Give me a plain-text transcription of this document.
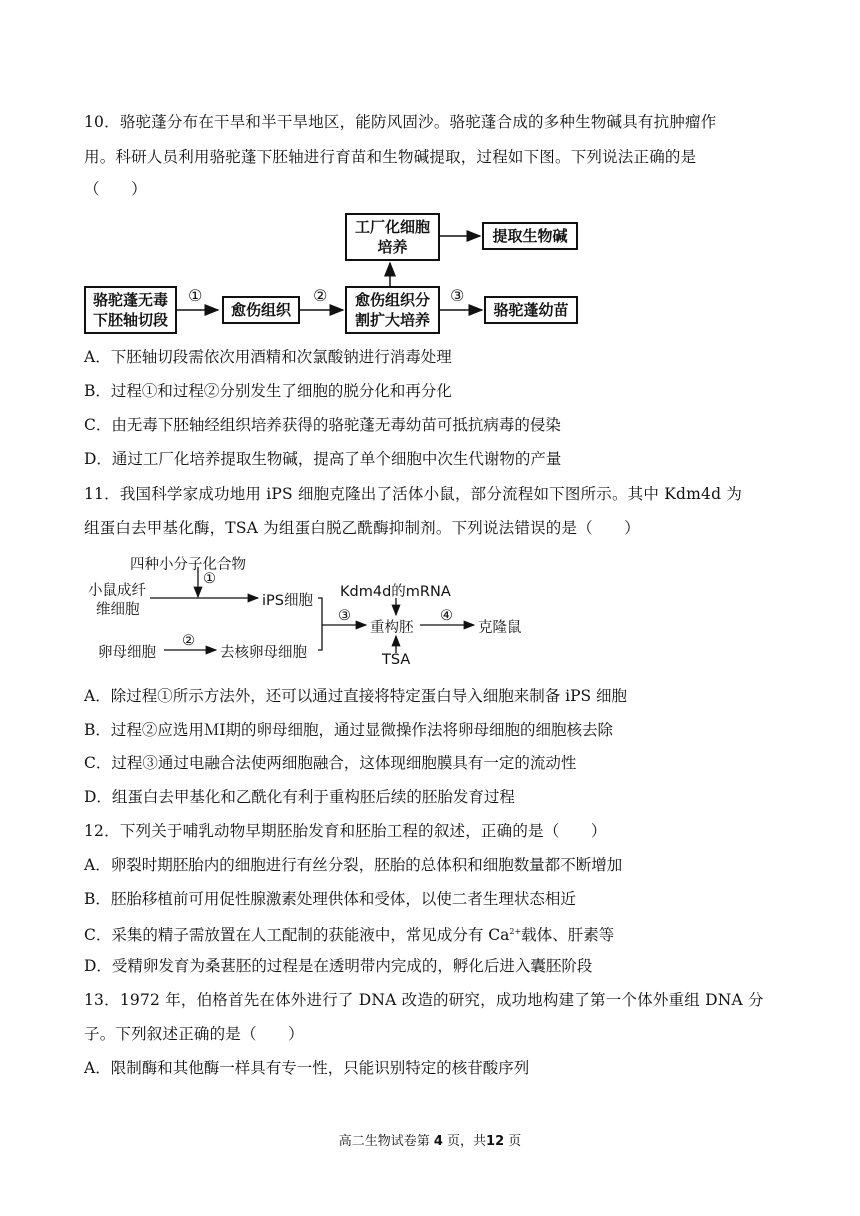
10．骆驼蓬分布在干旱和半干旱地区，能防风固沙。骆驼蓬合成的多种生物碱具有抗肿瘤作
用。科研人员利用骆驼蓬下胚轴进行育苗和生物碱提取，过程如下图。下列说法正确的是
（　　）
骆驼蓬无毒
下胚轴切段
①
愈伤组织
② 愈伤组织分
割扩大培养
③
骆驼蓬幼苗
工厂化细胞
培养
提取生物碱
A．下胚轴切段需依次用酒精和次氯酸钠进行消毒处理
B．过程①和过程②分别发生了细胞的脱分化和再分化
C．由无毒下胚轴经组织培养获得的骆驼蓬无毒幼苗可抵抗病毒的侵染
D．通过工厂化培养提取生物碱，提高了单个细胞中次生代谢物的产量
11．我国科学家成功地用 iPS 细胞克隆出了活体小鼠，部分流程如下图所示。其中 Kdm4d 为
组蛋白去甲基化酶，TSA 为组蛋白脱乙酰酶抑制剂。下列说法错误的是（　　）
四种小分子化合物
①
小鼠成纤
维细胞
iPS细胞
②
卵母细胞	去核卵母细胞
③
Kdm4d的mRNA
重构胚
TSA
④
克隆鼠
A．除过程①所示方法外，还可以通过直接将特定蛋白导入细胞来制备 iPS 细胞
B．过程②应选用ＭⅠ期的卵母细胞，通过显微操作法将卵母细胞的细胞核去除
C．过程③通过电融合法使两细胞融合，这体现细胞膜具有一定的流动性
D．组蛋白去甲基化和乙酰化有利于重构胚后续的胚胎发育过程
12．下列关于哺乳动物早期胚胎发育和胚胎工程的叙述，正确的是（　　）
A．卵裂时期胚胎内的细胞进行有丝分裂，胚胎的总体积和细胞数量都不断增加
B．胚胎移植前可用促性腺激素处理供体和受体，以使二者生理状态相近
C．采集的精子需放置在人工配制的获能液中，常见成分有 $Ca^{2+}$载体、肝素等
D．受精卵发育为桑葚胚的过程是在透明带内完成的，孵化后进入囊胚阶段
13．1972 年，伯格首先在体外进行了 DNA 改造的研究，成功地构建了第一个体外重组 DNA 分
子。下列叙述正确的是（　　）
A．限制酶和其他酶一样具有专一性，只能识别特定的核苷酸序列
高二生物试卷第 4 页，共12 页
